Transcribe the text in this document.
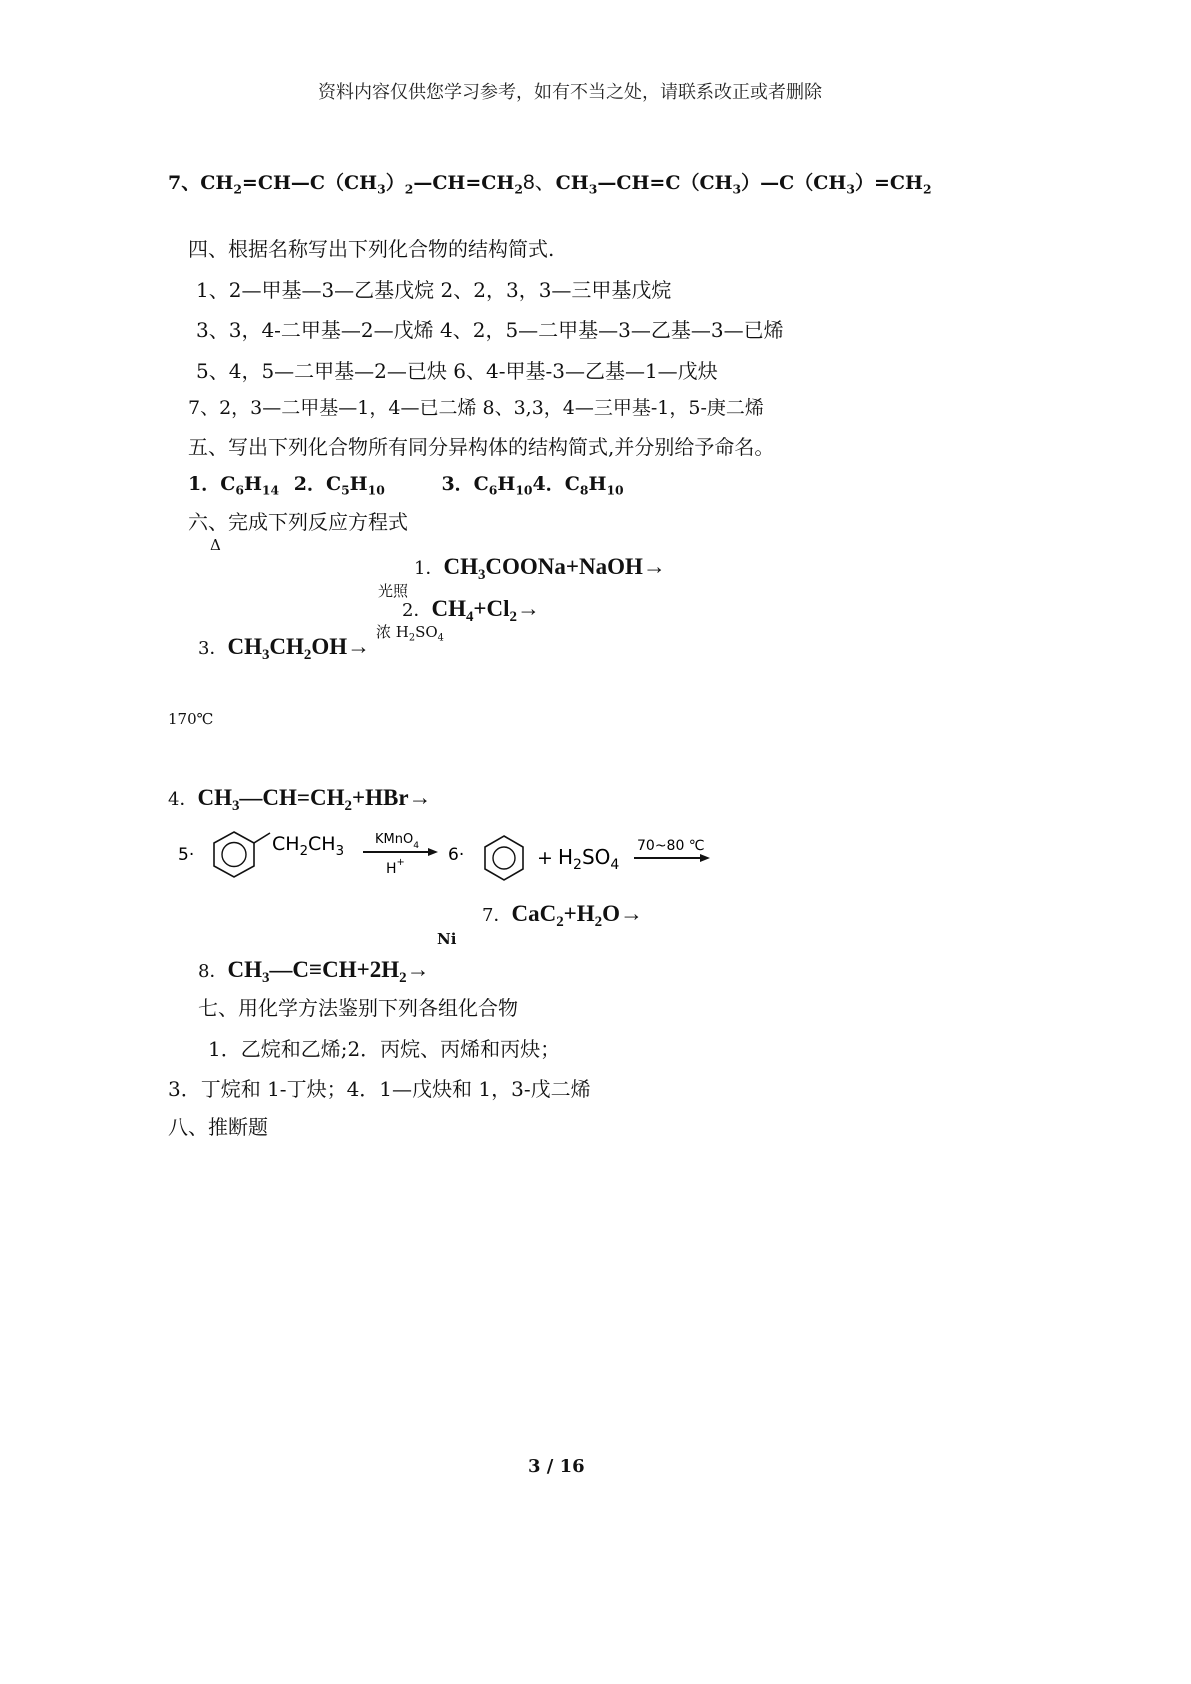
资料内容仅供您学习参考，如有不当之处，请联系改正或者删除
7、$CH_2=CH—C(CH_3)_2—CH=CH_28$、$CH_3—CH=C(CH_3)—C(CH_3)=CH_2$
四、根据名称写出下列化合物的结构简式.
1、2—甲基—3—乙基戊烷 2、2，3，3—三甲基戊烷
3、3，4-二甲基—2—戊烯 4、2，5—二甲基—3—乙基—3—已烯
5、4，5—二甲基—2—已炔 6、4-甲基-3—乙基—1—戊炔
7、2，3—二甲基—1，4—已二烯 8、3,3，4—三甲基-1，5-庚二烯
五、写出下列化合物所有同分异构体的结构简式,并分别给予命名。
1．$C_6H_{14}$ 2．$C_5H_{10}$	3．$C_6H_{10}4$．$C_8H_{10}$
六、完成下列反应方程式
Δ
1．$CH_3COONa+NaOH\to$
光照
2．$CH_4+Cl_2\to$
浓 $H_2SO_4$
3．$CH_3CH_2OH\to$
170℃
4．$CH_3—CH=CH_2+HBr\to$
5·	$CH_2CH_3$
KMnO$_4$
H+	6·	+ $H_2SO_4$
70~80 ℃
7．$CaC_2+H_2O\to$
Ni
8．$CH_3—C\equiv CH+2H_2\to$
七、用化学方法鉴别下列各组化合物
1．乙烷和乙烯;2．丙烷、丙烯和丙炔；
3．丁烷和 1-丁炔；4．1—戊炔和 1，3-戊二烯
八、推断题
3 / 16
